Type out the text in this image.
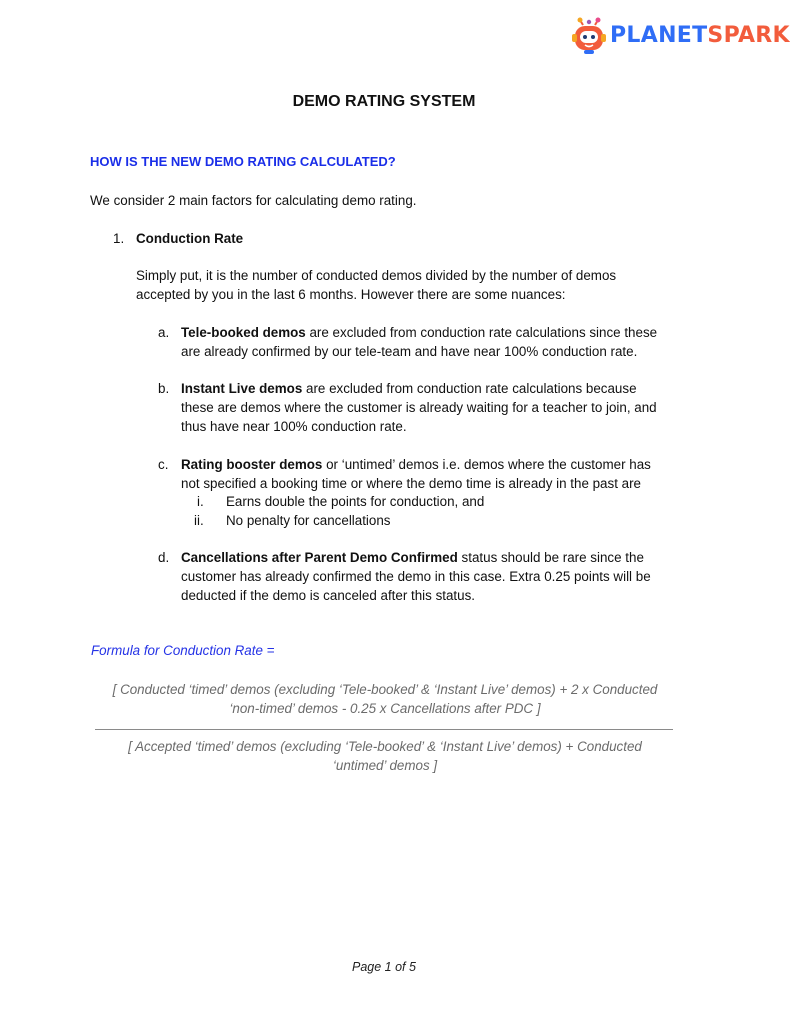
PLANETSPARK
DEMO RATING SYSTEM
HOW IS THE NEW DEMO RATING CALCULATED?
We consider 2 main factors for calculating demo rating.
1. Conduction Rate
Simply put, it is the number of conducted demos divided by the number of demos
accepted by you in the last 6 months. However there are some nuances:
a. Tele-booked demos are excluded from conduction rate calculations since these
are already confirmed by our tele-team and have near 100% conduction rate.
b. Instant Live demos are excluded from conduction rate calculations because
these are demos where the customer is already waiting for a teacher to join, and
thus have near 100% conduction rate.
c. Rating booster demos or ‘untimed’ demos i.e. demos where the customer has
not specified a booking time or where the demo time is already in the past are
i. Earns double the points for conduction, and
ii. No penalty for cancellations
d. Cancellations after Parent Demo Confirmed status should be rare since the
customer has already confirmed the demo in this case. Extra 0.25 points will be
deducted if the demo is canceled after this status.
Formula for Conduction Rate =
[ Conducted ‘timed’ demos (excluding ‘Tele-booked’ & ‘Instant Live’ demos) + 2 x Conducted
‘non-timed’ demos - 0.25 x Cancellations after PDC ]
[ Accepted ‘timed’ demos (excluding ‘Tele-booked’ & ‘Instant Live’ demos) + Conducted
‘untimed’ demos ]
Page 1 of 5
